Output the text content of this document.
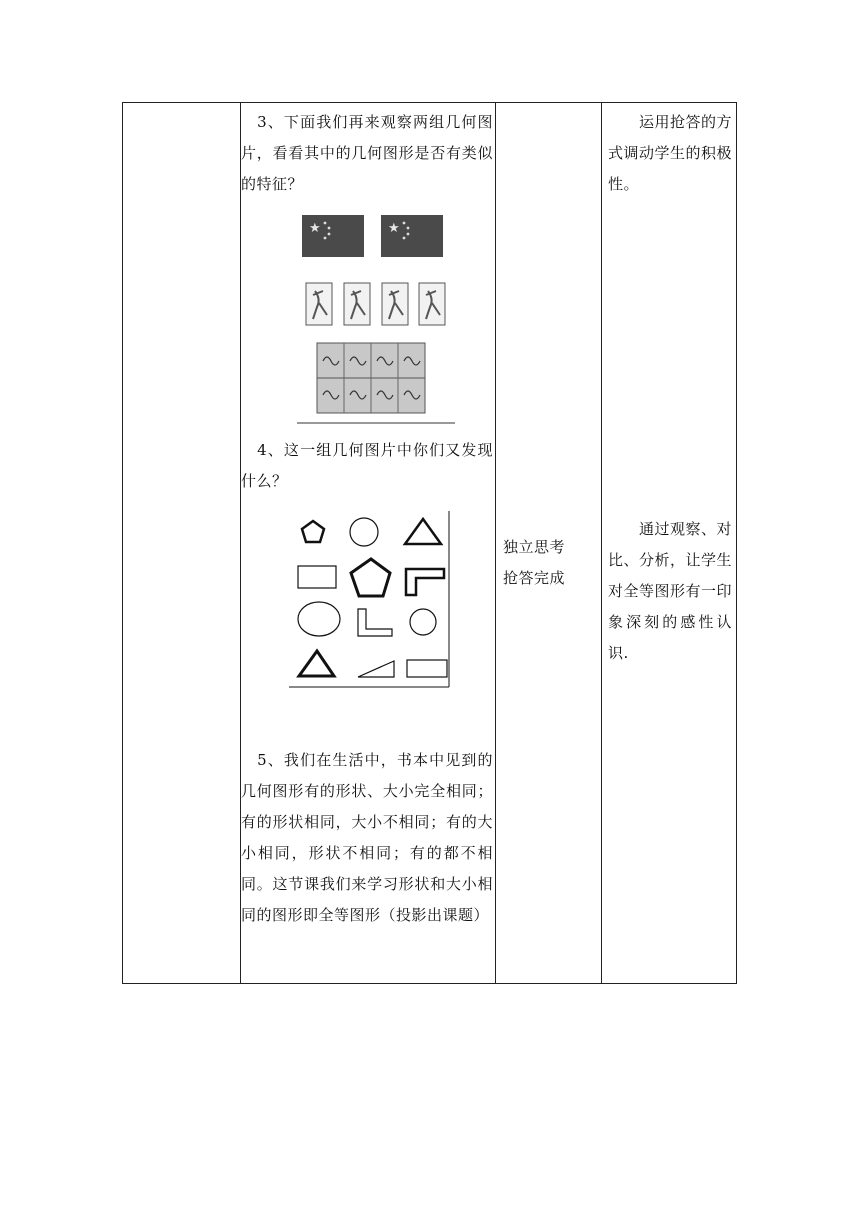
　3、下面我们再来观察两组几何图片，看看其中的几何图形是否有类似的特征？
★	★
　4、这一组几何图片中你们又发现什么？
　5、我们在生活中，书本中见到的几何图形有的形状、大小完全相同；有的形状相同，大小不相同；有的大小相同，形状不相同；有的都不相同。这节课我们来学习形状和大小相同的图形即全等图形（投影出课题）
独立思考
抢答完成
　　运用抢答的方式调动学生的积极性。
　　通过观察、对比、分析，让学生对全等图形有一印象深刻的感性认识.
